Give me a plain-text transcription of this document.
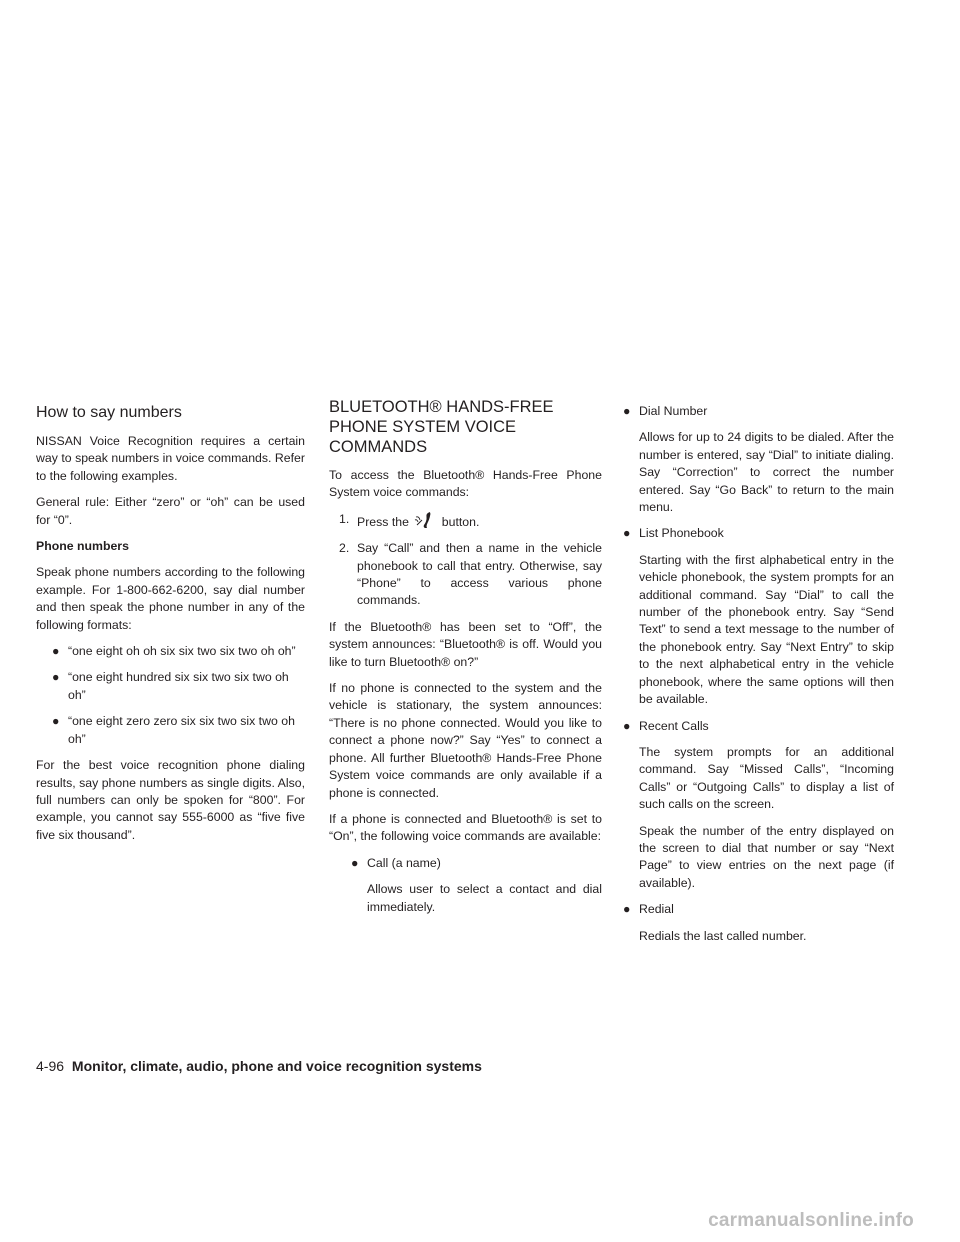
How to say numbers

NISSAN Voice Recognition requires a certain way to speak numbers in voice commands. Refer to the following examples.

General rule: Either “zero” or “oh” can be used for “0”.

Phone numbers

Speak phone numbers according to the following example. For 1-800-662-6200, say dial number and then speak the phone number in any of the following formats:

● “one eight oh oh six six two six two oh oh”
● “one eight hundred six six two six two oh oh”
● “one eight zero zero six six two six two oh oh”

For the best voice recognition phone dialing results, say phone numbers as single digits. Also, full numbers can only be spoken for “800”. For example, you cannot say 555-6000 as “five five five six thousand”.

BLUETOOTH® HANDS-FREE PHONE SYSTEM VOICE COMMANDS

To access the Bluetooth® Hands-Free Phone System voice commands:

1. Press the	button.
2. Say “Call” and then a name in the vehicle phonebook to call that entry. Otherwise, say “Phone” to access various phone commands.

If the Bluetooth® has been set to “Off”, the system announces: “Bluetooth® is off. Would you like to turn Bluetooth® on?”

If no phone is connected to the system and the vehicle is stationary, the system announces: “There is no phone connected. Would you like to connect a phone now?” Say “Yes” to connect a phone. All further Bluetooth® Hands-Free Phone System voice commands are only available if a phone is connected.

If a phone is connected and Bluetooth® is set to “On”, the following voice commands are available:

● Call (a name)

Allows user to select a contact and dial immediately.

● Dial Number

Allows for up to 24 digits to be dialed. After the number is entered, say “Dial” to initiate dialing. Say “Correction” to correct the number entered. Say “Go Back” to return to the main menu.

● List Phonebook

Starting with the first alphabetical entry in the vehicle phonebook, the system prompts for an additional command. Say “Dial” to call the number of the phonebook entry. Say “Send Text” to send a text message to the number of the phonebook entry. Say “Next Entry” to skip to the next alphabetical entry in the vehicle phonebook, where the same options will then be available.

● Recent Calls

The system prompts for an additional command. Say “Missed Calls”, “Incoming Calls” or “Outgoing Calls” to display a list of such calls on the screen.

Speak the number of the entry displayed on the screen to dial that number or say “Next Page” to view entries on the next page (if available).

● Redial

Redials the last called number.

4-96 Monitor, climate, audio, phone and voice recognition systems
carmanualsonline.info
